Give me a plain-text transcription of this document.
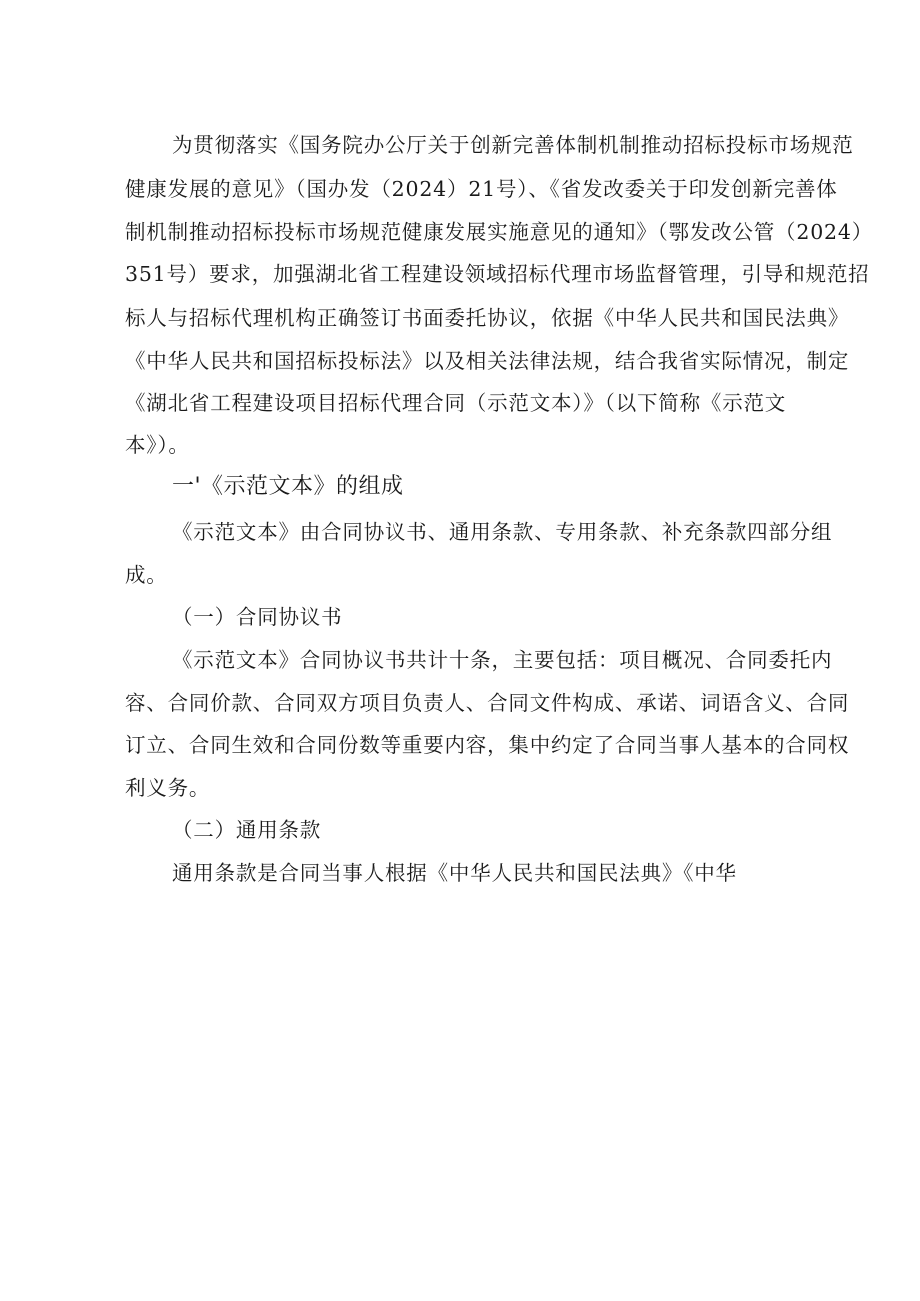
为贯彻落实《国务院办公厅关于创新完善体制机制推动招标投标市场规范
健康发展的意见》（国办发（2024）21号）、《省发改委关于印发创新完善体
制机制推动招标投标市场规范健康发展实施意见的通知》（鄂发改公管（2024）
351号）要求，加强湖北省工程建设领域招标代理市场监督管理，引导和规范招
标人与招标代理机构正确签订书面委托协议，依据《中华人民共和国民法典》
《中华人民共和国招标投标法》以及相关法律法规，结合我省实际情况，制定
《湖北省工程建设项目招标代理合同（示范文本）》（以下简称《示范文
本》）。
一'《示范文本》的组成
《示范文本》由合同协议书、通用条款、专用条款、补充条款四部分组
成。
（一）合同协议书
《示范文本》合同协议书共计十条，主要包括：项目概况、合同委托内
容、合同价款、合同双方项目负责人、合同文件构成、承诺、词语含义、合同
订立、合同生效和合同份数等重要内容，集中约定了合同当事人基本的合同权
利义务。
（二）通用条款
通用条款是合同当事人根据《中华人民共和国民法典》《中华
